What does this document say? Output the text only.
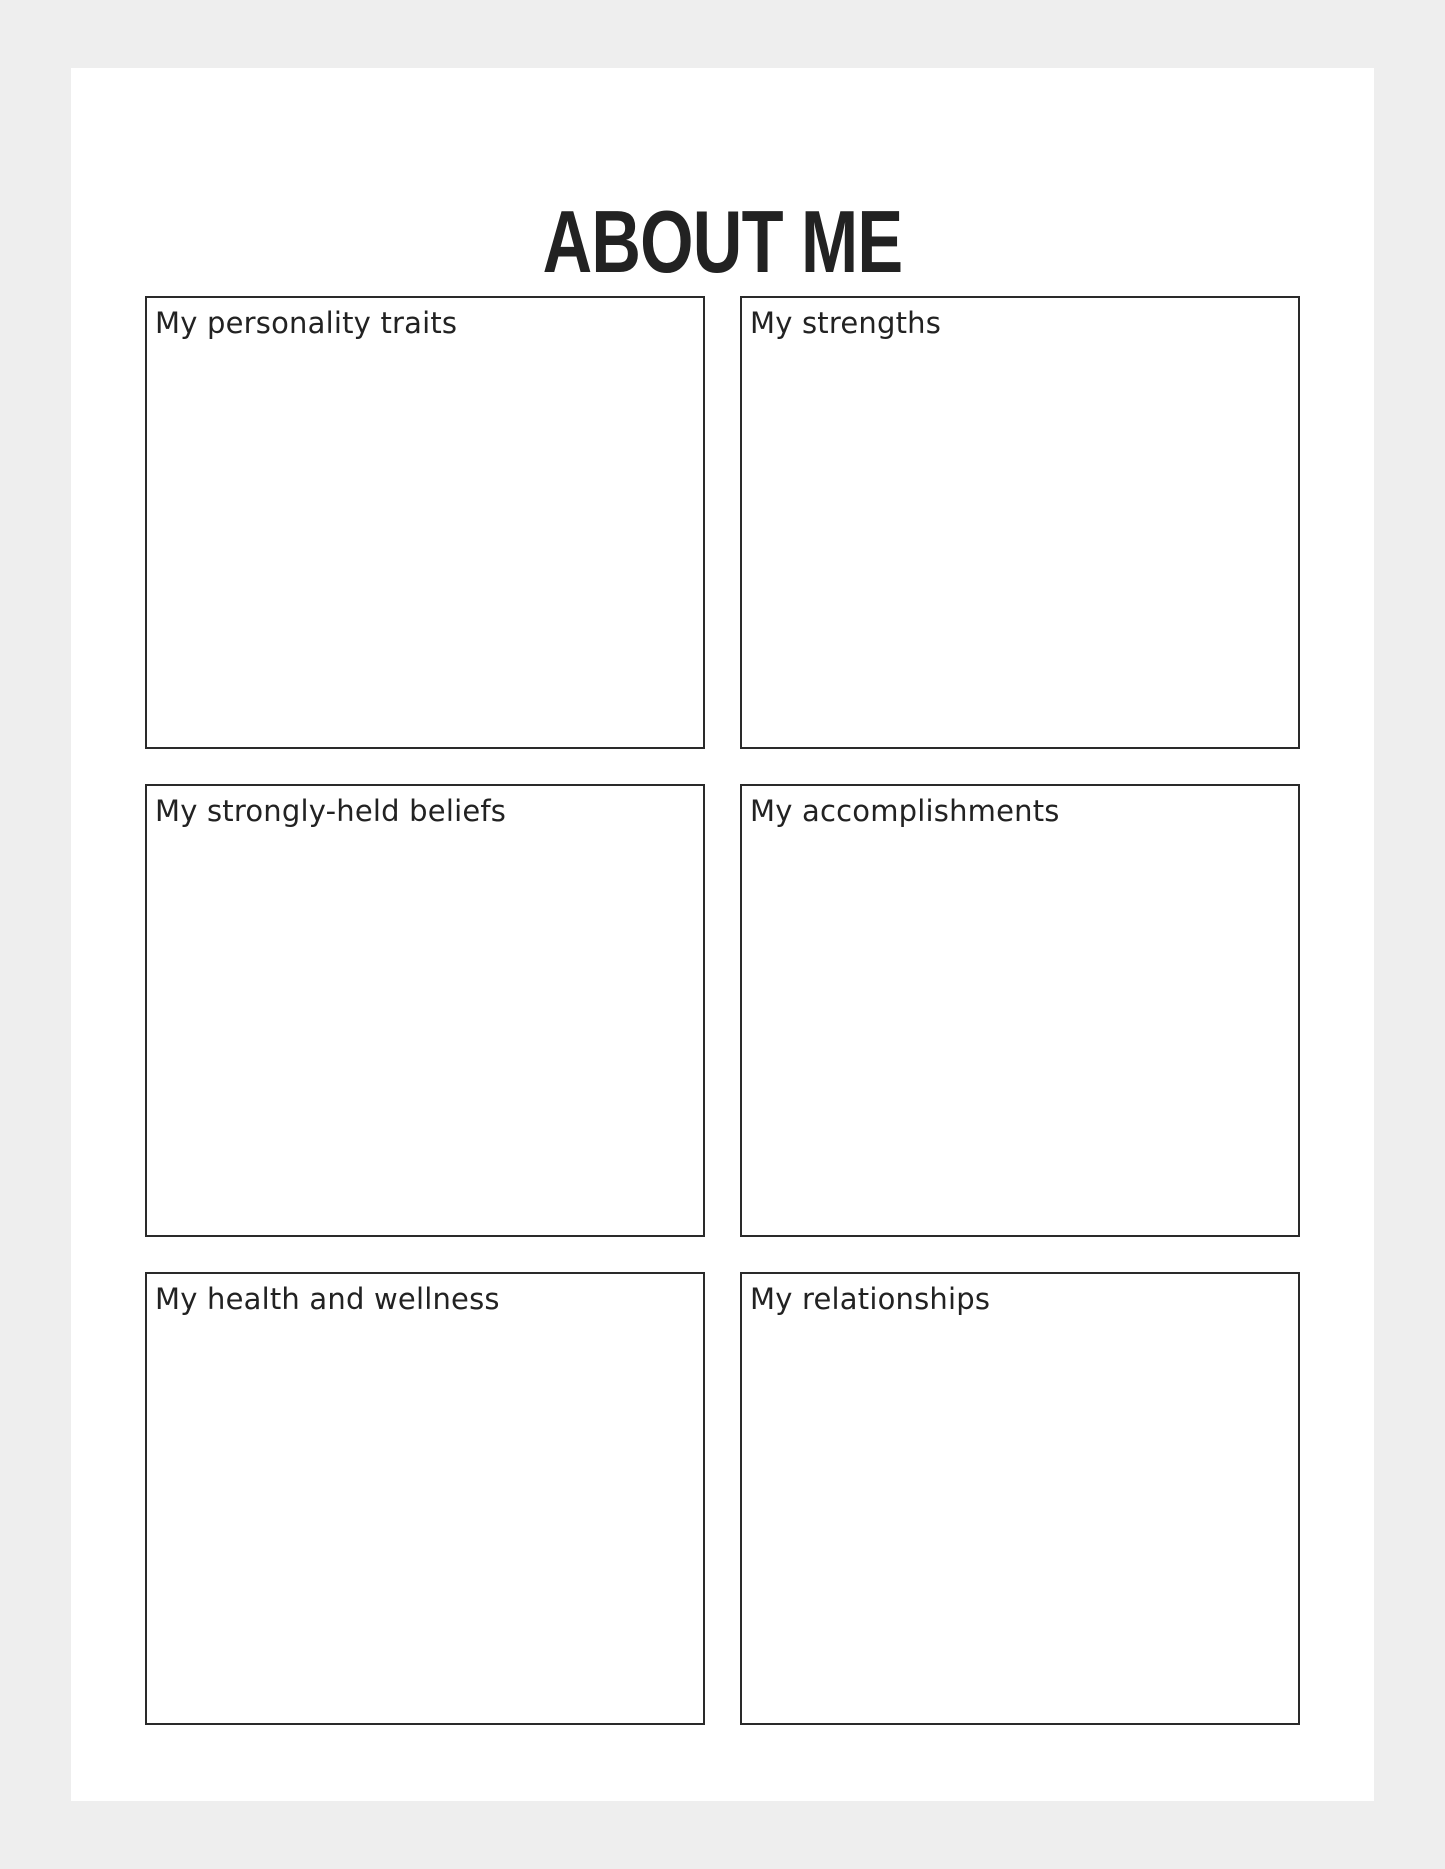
ABOUT ME
My personality traits	My strengths
My strongly-held beliefs	My accomplishments
My health and wellness	My relationships
